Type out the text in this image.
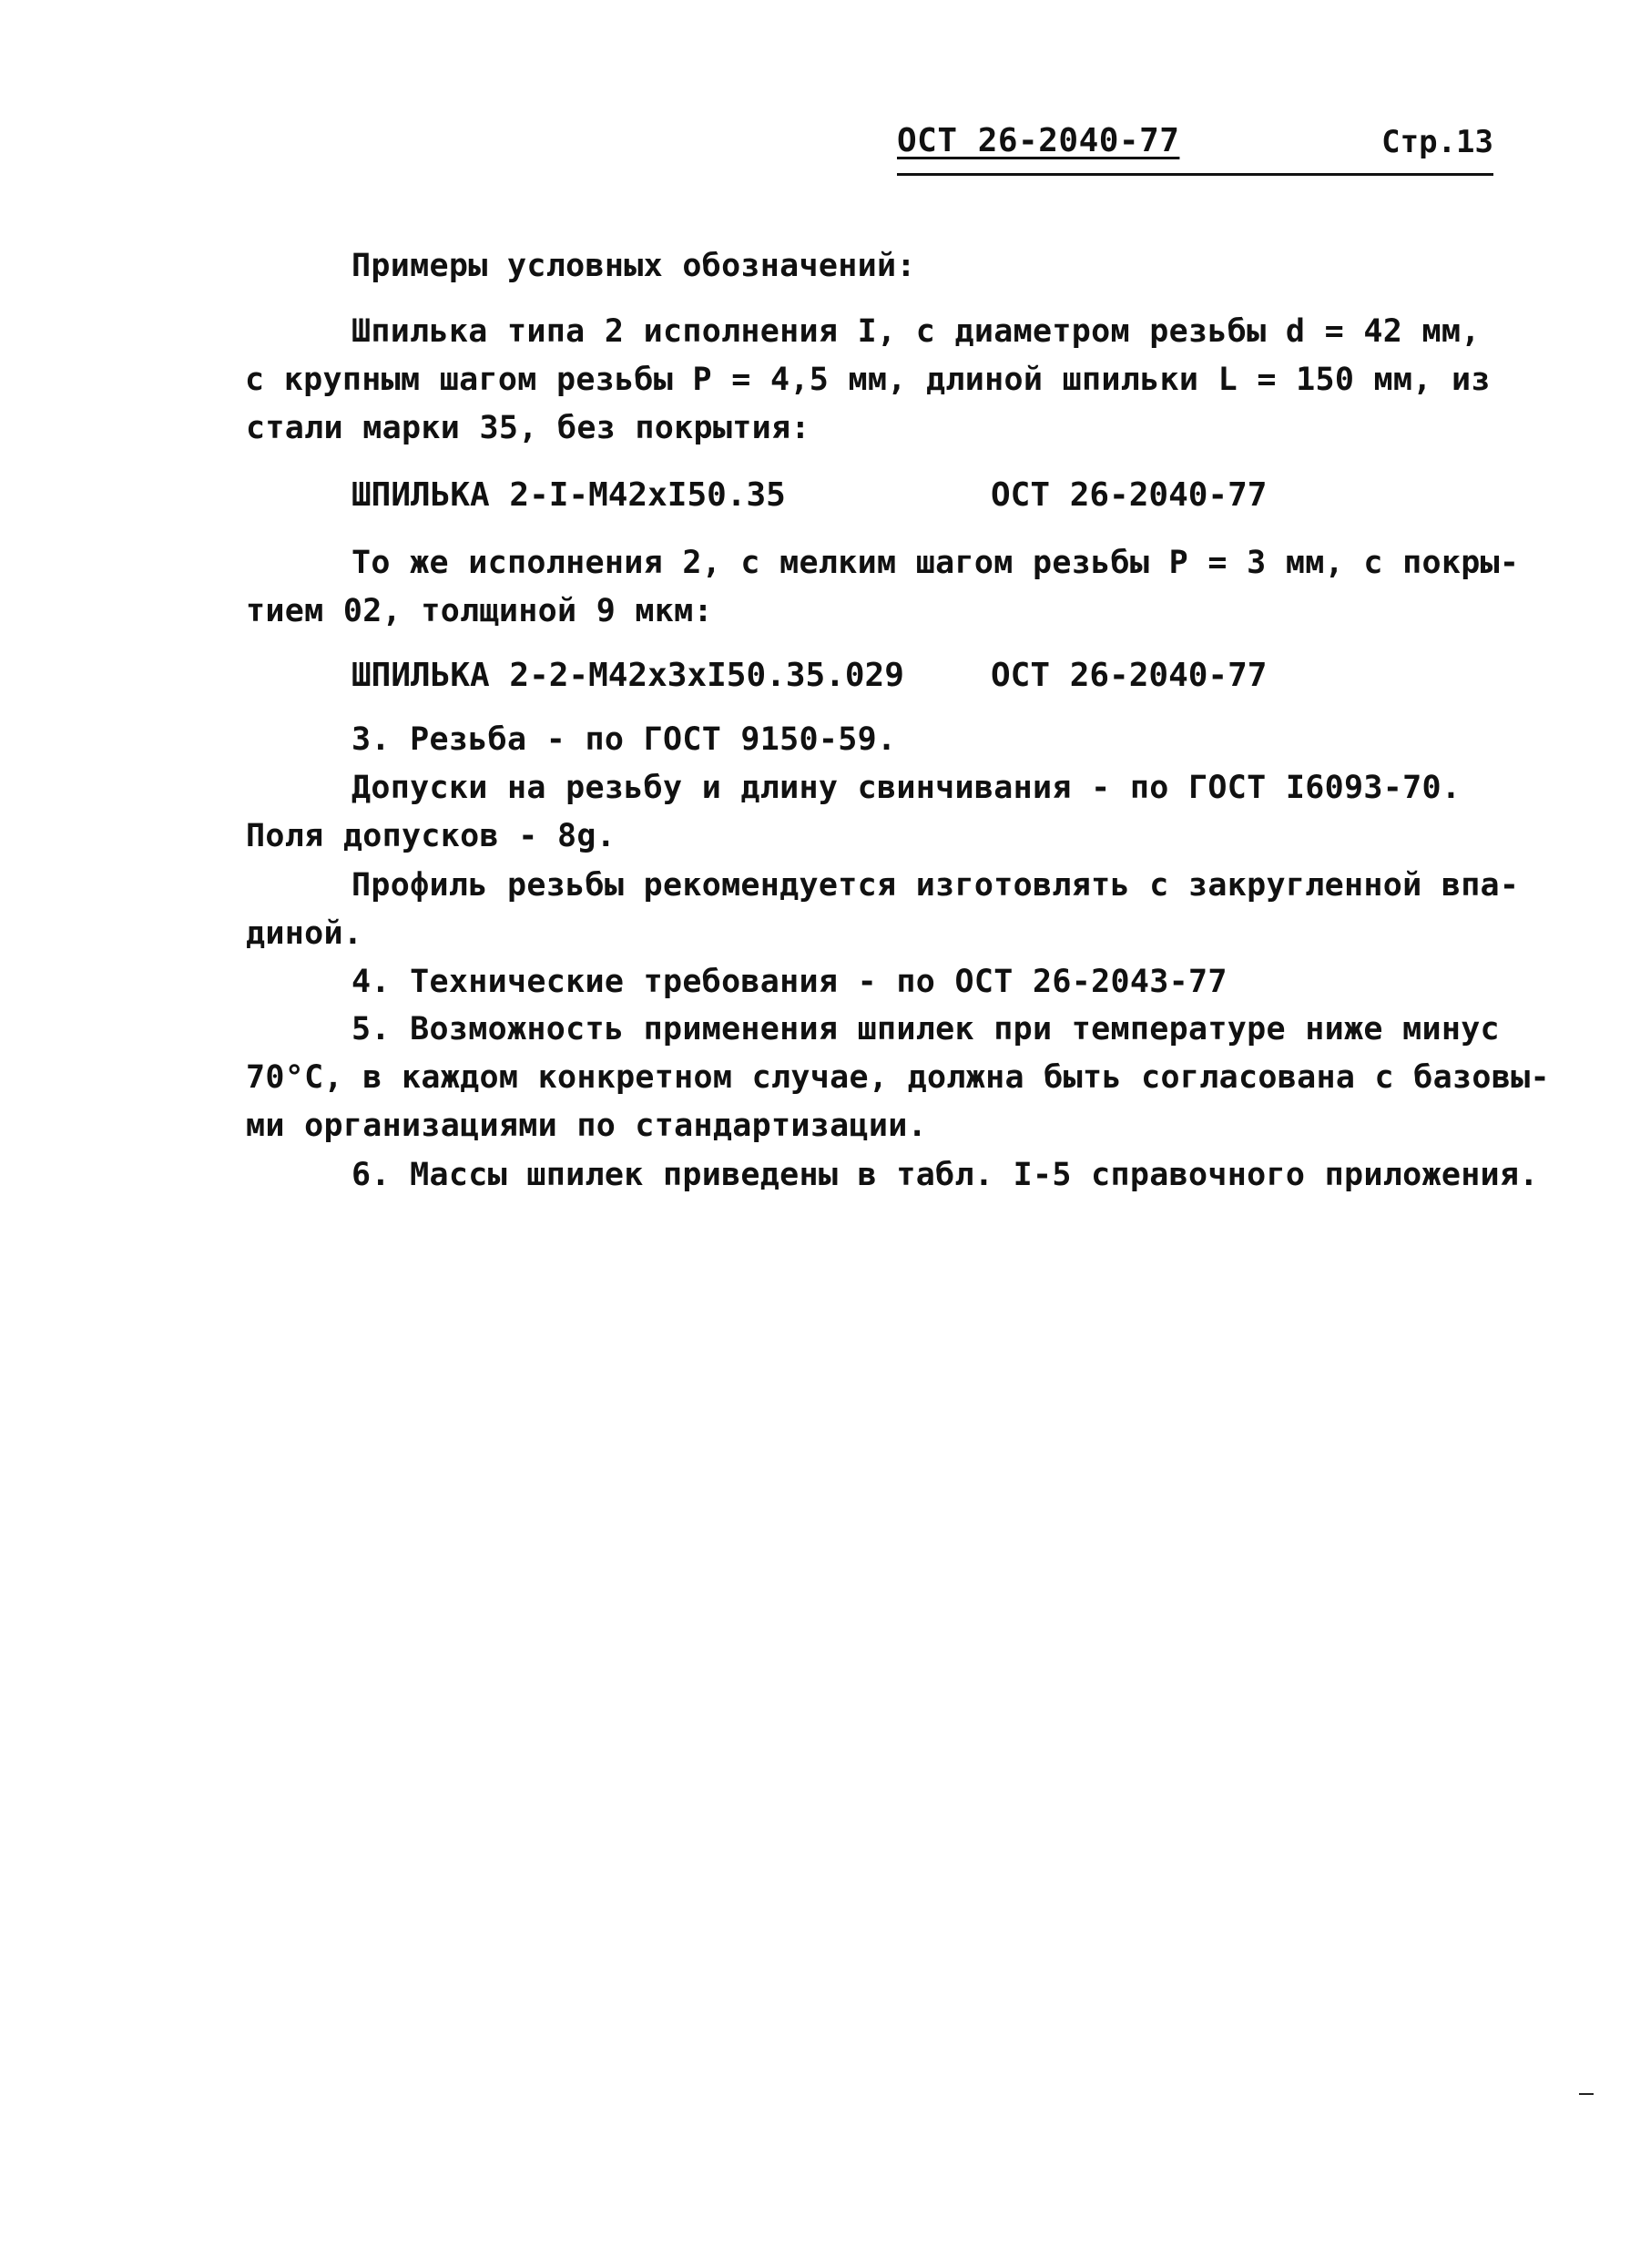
ОСТ 26-2040-77	Стр.13
Примеры условных обозначений:
Шпилька типа 2 исполнения I, с диаметром резьбы d = 42 мм,
с крупным шагом резьбы P = 4,5 мм, длиной шпильки L = 150 мм, из
стали марки 35, без покрытия:
ШПИЛЬКА 2-I-M42xI50.35	ОСТ 26-2040-77
То же исполнения 2, с мелким шагом резьбы P = 3 мм, с покры-
тием 02, толщиной 9 мкм:
ШПИЛЬКА 2-2-M42x3xI50.35.029	ОСТ 26-2040-77
3. Резьба - по ГОСТ 9150-59.
Допуски на резьбу и длину свинчивания - по ГОСТ I6093-70.
Поля допусков - 8g.
Профиль резьбы рекомендуется изготовлять с закругленной впа-
диной.
4. Технические требования - по ОСТ 26-2043-77
5. Возможность применения шпилек при температуре ниже минус
70°С, в каждом конкретном случае, должна быть согласована с базовы-
ми организациями по стандартизации.
6. Массы шпилек приведены в табл. I-5 справочного приложения.
